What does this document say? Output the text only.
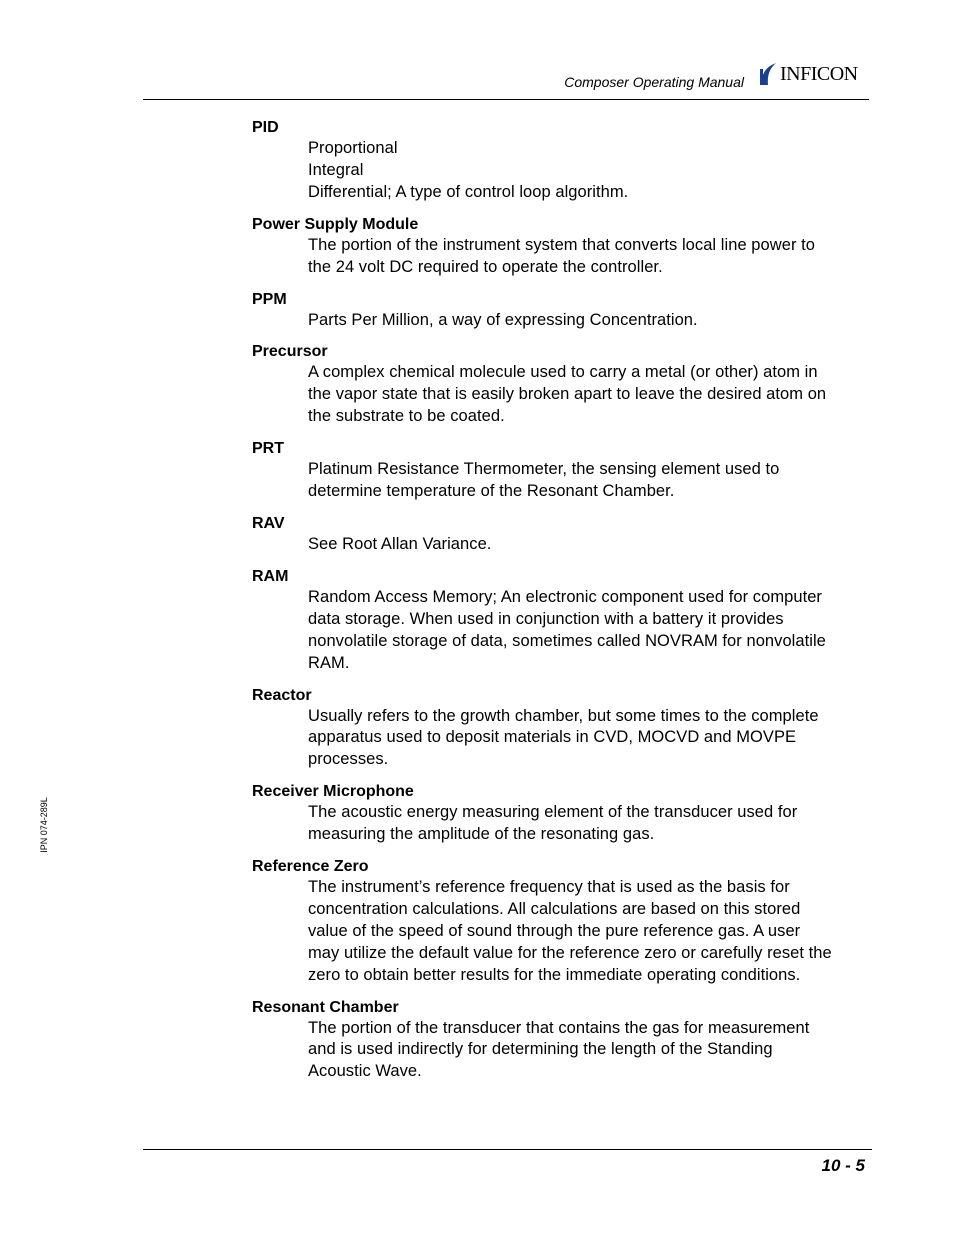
Composer Operating Manual INFICON
IPN 074-289L
PID
Proportional
Integral
Differential; A type of control loop algorithm.
Power Supply Module
The portion of the instrument system that converts local line power to
the 24 volt DC required to operate the controller.
PPM
Parts Per Million, a way of expressing Concentration.
Precursor
A complex chemical molecule used to carry a metal (or other) atom in
the vapor state that is easily broken apart to leave the desired atom on
the substrate to be coated.
PRT
Platinum Resistance Thermometer, the sensing element used to
determine temperature of the Resonant Chamber.
RAV
See Root Allan Variance.
RAM
Random Access Memory; An electronic component used for computer
data storage. When used in conjunction with a battery it provides
nonvolatile storage of data, sometimes called NOVRAM for nonvolatile
RAM.
Reactor
Usually refers to the growth chamber, but some times to the complete
apparatus used to deposit materials in CVD, MOCVD and MOVPE
processes.
Receiver Microphone
The acoustic energy measuring element of the transducer used for
measuring the amplitude of the resonating gas.
Reference Zero
The instrument’s reference frequency that is used as the basis for
concentration calculations. All calculations are based on this stored
value of the speed of sound through the pure reference gas. A user
may utilize the default value for the reference zero or carefully reset the
zero to obtain better results for the immediate operating conditions.
Resonant Chamber
The portion of the transducer that contains the gas for measurement
and is used indirectly for determining the length of the Standing
Acoustic Wave.
10 - 5
